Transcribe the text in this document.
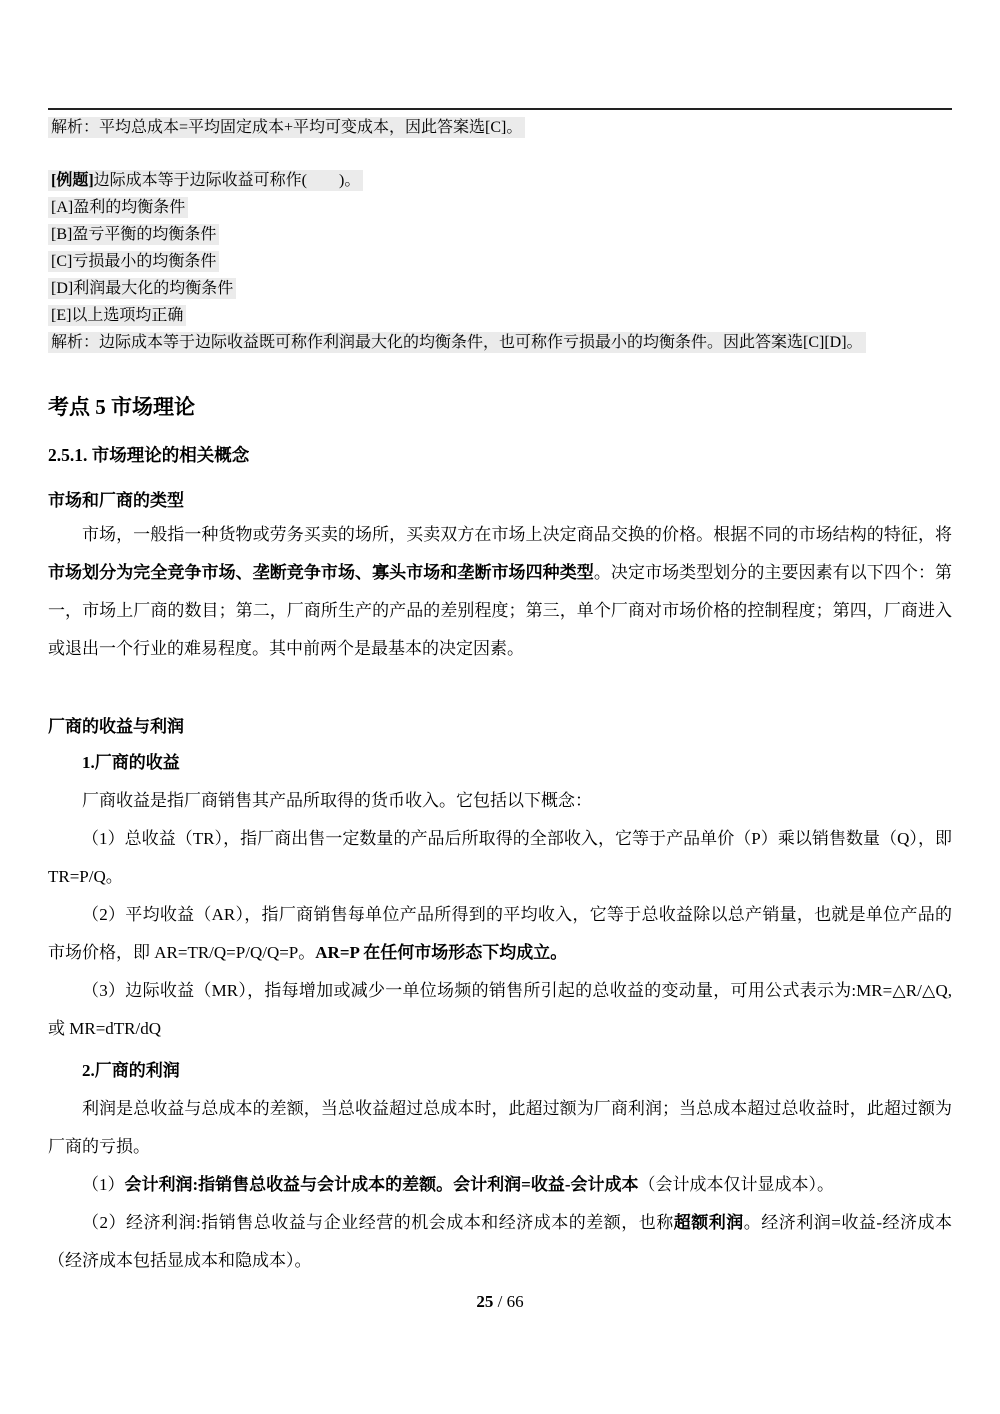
解析：平均总成本=平均固定成本+平均可变成本，因此答案选[C]。

[例题]边际成本等于边际收益可称作(　　)。

[A]盈利的均衡条件

[B]盈亏平衡的均衡条件

[C]亏损最小的均衡条件

[D]利润最大化的均衡条件

[E]以上选项均正确

解析：边际成本等于边际收益既可称作利润最大化的均衡条件，也可称作亏损最小的均衡条件。因此答案选[C][D]。

考点 5 市场理论
2.5.1. 市场理论的相关概念
市场和厂商的类型

市场，一般指一种货物或劳务买卖的场所，买卖双方在市场上决定商品交换的价格。根据不同的市场结构的特征，将市场划分为完全竞争市场、垄断竞争市场、寡头市场和垄断市场四种类型。决定市场类型划分的主要因素有以下四个：第一，市场上厂商的数目；第二，厂商所生产的产品的差别程度；第三，单个厂商对市场价格的控制程度；第四，厂商进入或退出一个行业的难易程度。其中前两个是最基本的决定因素。

厂商的收益与利润

1.厂商的收益

厂商收益是指厂商销售其产品所取得的货币收入。它包括以下概念：

（1）总收益（TR），指厂商出售一定数量的产品后所取得的全部收入，它等于产品单价（P）乘以销售数量（Q），即 TR=P/Q。

（2）平均收益（AR），指厂商销售每单位产品所得到的平均收入，它等于总收益除以总产销量，也就是单位产品的市场价格，即 AR=TR/Q=P/Q/Q=P。AR=P 在任何市场形态下均成立。

（3）边际收益（MR），指每增加或减少一单位场频的销售所引起的总收益的变动量，可用公式表示为:MR=△R/△Q,或 MR=dTR/dQ

2.厂商的利润

利润是总收益与总成本的差额，当总收益超过总成本时，此超过额为厂商利润；当总成本超过总收益时，此超过额为厂商的亏损。

（1）会计利润:指销售总收益与会计成本的差额。会计利润=收益-会计成本（会计成本仅计显成本）。

（2）经济利润:指销售总收益与企业经营的机会成本和经济成本的差额，也称超额利润。经济利润=收益-经济成本（经济成本包括显成本和隐成本）。

25 / 66
